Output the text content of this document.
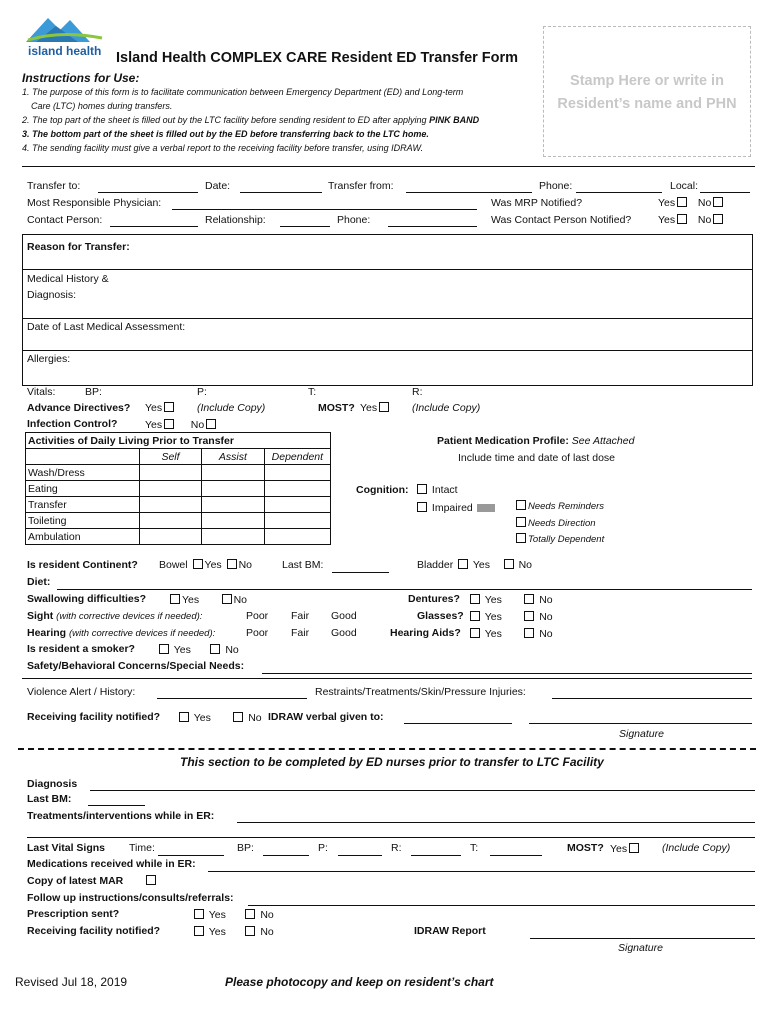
island health Island Health COMPLEX CARE Resident ED Transfer Form
Instructions for Use:
1. The purpose of this form is to facilitate communication between Emergency Department (ED) and Long-term
Care (LTC) homes during transfers.
2. The top part of the sheet is filled out by the LTC facility before sending resident to ED after applying PINK BAND
3. The bottom part of the sheet is filled out by the ED before transferring back to the LTC home.
4. The sending facility must give a verbal report to the receiving facility before transfer, using IDRAW.
Stamp Here or write in Resident’s name and PHN
Transfer to:	Date:	Transfer from:	Phone:	Local:
Most Responsible Physician:	Was MRP Notified?	Yes No
Contact Person:	Relationship:	Phone:	Was Contact Person Notified?	Yes No
Reason for Transfer:
Medical History &
Diagnosis:
Date of Last Medical Assessment:
Allergies:
Vitals:	BP:	P:	T:	R:
Advance Directives? Yes	(Include Copy)	MOST? Yes	(Include Copy)
Infection Control?	Yes	No
Activities of Daily Living Prior to Transfer			
	Self	Assist	Dependent
Wash/Dress			
Eating			
Transfer			
Toileting			
Ambulation			
Patient Medication Profile: See Attached
Include time and date of last dose
Cognition:	Intact
Impaired	Needs Reminders
Needs Direction
Totally Dependent
Is resident Continent? Bowel Yes No	Last BM:	Bladder Yes	No
Diet:
Swallowing difficulties?	Yes	No	Dentures?	Yes	No
Sight (with corrective devices if needed):	Poor Fair Good	Glasses?	Yes	No
Hearing (with corrective devices if needed):	Poor Fair Good	Hearing Aids?	Yes	No
Is resident a smoker?	Yes	No
Safety/Behavioral Concerns/Special Needs:
Violence Alert / History:	Restraints/Treatments/Skin/Pressure Injuries:
Receiving facility notified?	Yes	No IDRAW verbal given to:
Signature
This section to be completed by ED nurses prior to transfer to LTC Facility
Diagnosis
Last BM:
Treatments/interventions while in ER:
Last Vital Signs Time:	BP:	P:	R:	T:	MOST? Yes	(Include Copy)
Medications received while in ER:
Copy of latest MAR
Follow up instructions/consults/referrals:
Prescription sent?	Yes	No
Receiving facility notified?	Yes	No	IDRAW Report
Signature
Revised Jul 18, 2019	Please photocopy and keep on resident’s chart
